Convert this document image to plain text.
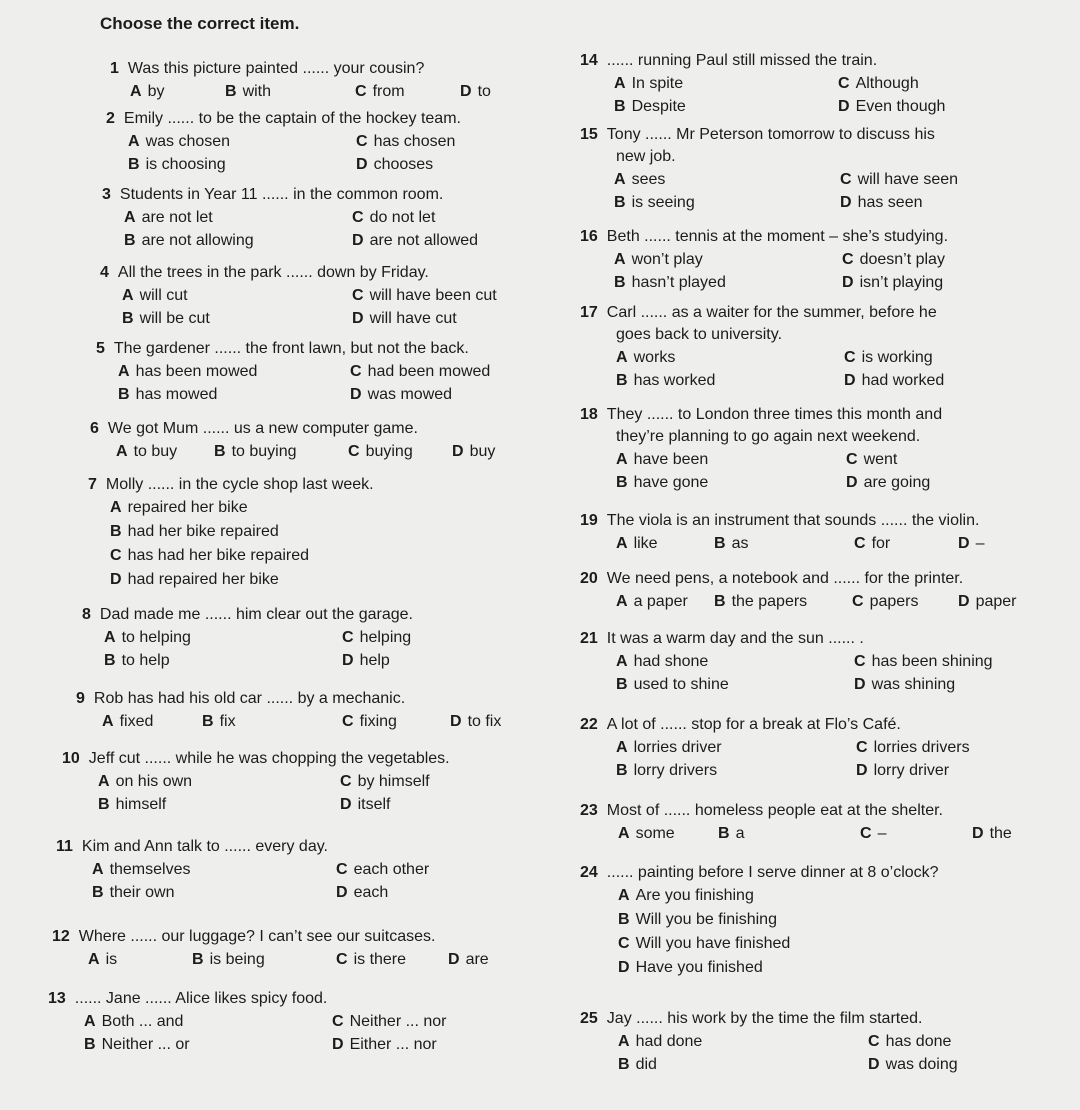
Choose the correct item.
1 Was this picture painted ...... your cousin?
A by	B with	C from	D to
2 Emily ...... to be the captain of the hockey team.
A was chosen
B is choosing
C has chosen
D chooses
3 Students in Year 11 ...... in the common room.
A are not let
B are not allowing
C do not let
D are not allowed
4 All the trees in the park ...... down by Friday.
A will cut
B will be cut
C will have been cut
D will have cut
5 The gardener ...... the front lawn, but not the back.
A has been mowed
B has mowed
C had been mowed
D was mowed
6 We got Mum ...... us a new computer game.
A to buy B to buying	C buying D buy
7 Molly ...... in the cycle shop last week.
A repaired her bike
B had her bike repaired
C has had her bike repaired
D had repaired her bike
8 Dad made me ...... him clear out the garage.
A to helping
B to help
C helping
D help
9 Rob has had his old car ...... by a mechanic.
A fixed	B fix	C fixing	D to fix
10 Jeff cut ...... while he was chopping the vegetables.
A on his own
B himself
C by himself
D itself
11 Kim and Ann talk to ...... every day.
A themselves
B their own
C each other
D each
12 Where ...... our luggage? I can’t see our suitcases.
A is	B is being	C is there	D are
13 ...... Jane ...... Alice likes spicy food.
A Both ... and
B Neither ... or
C Neither ... nor
D Either ... nor
14 ...... running Paul still missed the train.
A In spite
B Despite
C Although
D Even though
15 Tony ...... Mr Peterson tomorrow to discuss his
new job.
A sees
B is seeing
C will have seen
D has seen
16 Beth ...... tennis at the moment – she’s studying.
A won’t play
B hasn’t played
C doesn’t play
D isn’t playing
17 Carl ...... as a waiter for the summer, before he
goes back to university.
A works
B has worked
C is working
D had worked
18 They ...... to London three times this month and
they’re planning to go again next weekend.
A have been
B have gone
C went
D are going
19 The viola is an instrument that sounds ...... the violin.
A like	B as	C for	D –
20 We need pens, a notebook and ...... for the printer.
A a paper B the papers	C papers D paper
21 It was a warm day and the sun ...... .
A had shone
B used to shine
C has been shining
D was shining
22 A lot of ...... stop for a break at Flo’s Café.
A lorries driver
B lorry drivers
C lorries drivers
D lorry driver
23 Most of ...... homeless people eat at the shelter.
A some	B a	C –	D the
24 ...... painting before I serve dinner at 8 o’clock?
A Are you finishing
B Will you be finishing
C Will you have finished
D Have you finished
25 Jay ...... his work by the time the film started.
A had done
B did
C has done
D was doing
